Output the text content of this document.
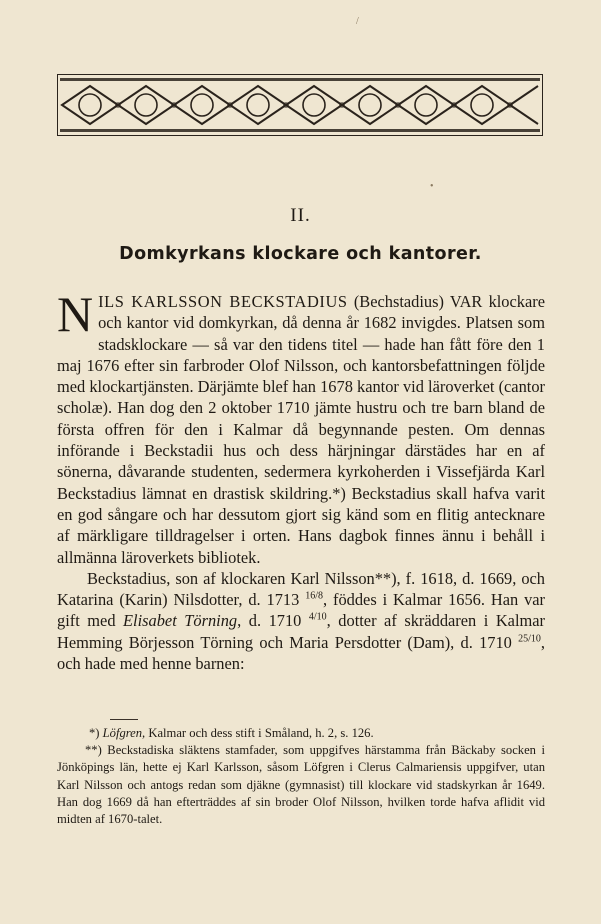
/
•
II.
Domkyrkans klockare och kantorer.

NILS KARLSSON BECKSTADIUS (Bechstadius) VAR klockare och kantor vid domkyrkan, då denna år 1682 invigdes. Platsen som stadsklockare — så var den tidens titel — hade han fått före den 1 maj 1676 efter sin farbroder Olof Nilsson, och kantorsbefattningen följde med klockartjänsten. Därjämte blef han 1678 kantor vid läroverket (cantor scholæ). Han dog den 2 oktober 1710 jämte hustru och tre barn bland de första offren för den i Kalmar då begynnande pesten. Om dennas införande i Beckstadii hus och dess härjningar därstädes har en af sönerna, dåvarande studenten, sedermera kyrkoherden i Vissefjärda Karl Beckstadius lämnat en drastisk skildring.*) Beckstadius skall hafva varit en god sångare och har dessutom gjort sig känd som en flitig antecknare af märkligare tilldragelser i orten. Hans dagbok finnes ännu i behåll i allmänna läroverkets bibliotek.

Beckstadius, son af klockaren Karl Nilsson**), f. 1618, d. 1669, och Katarina (Karin) Nilsdotter, d. 1713 $^{16/8}$, föddes i Kalmar 1656. Han var gift med Elisabet Törning, d. 1710 $^{4/10}$, dotter af skräddaren i Kalmar Hemming Börjesson Törning och Maria Persdotter (Dam), d. 1710 $^{25/10}$, och hade med henne barnen:

*) Löfgren, Kalmar och dess stift i Småland, h. 2, s. 126.

**) Beckstadiska släktens stamfader, som uppgifves härstamma från Bäckaby socken i Jönköpings län, hette ej Karl Karlsson, såsom Löfgren i Clerus Calmariensis uppgifver, utan Karl Nilsson och antogs redan som djäkne (gymnasist) till klockare vid stadskyrkan år 1649. Han dog 1669 då han efterträddes af sin broder Olof Nilsson, hvilken torde hafva aflidit vid midten af 1670-talet.
